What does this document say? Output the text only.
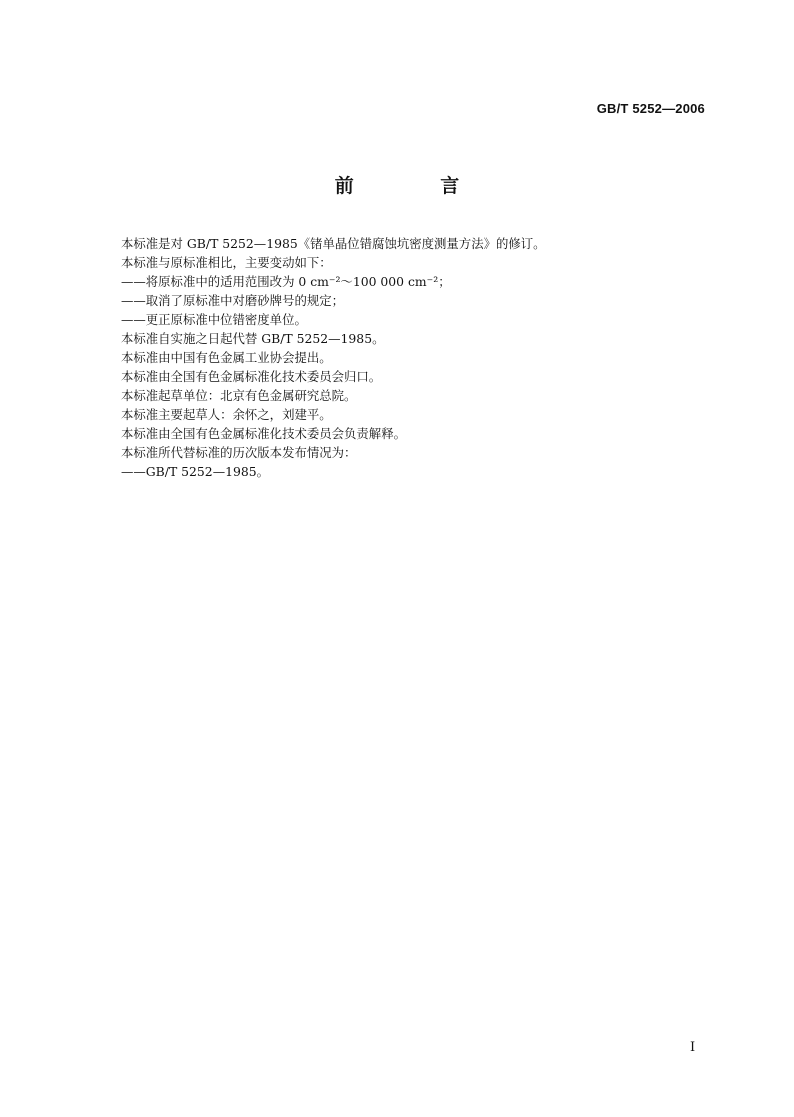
GB/T 5252—2006
前 言
本标准是对 GB/T 5252—1985《锗单晶位错腐蚀坑密度测量方法》的修订。
本标准与原标准相比，主要变动如下：
——将原标准中的适用范围改为 0 cm⁻²～100 000 cm⁻²；
——取消了原标准中对磨砂牌号的规定；
——更正原标准中位错密度单位。
本标准自实施之日起代替 GB/T 5252—1985。
本标准由中国有色金属工业协会提出。
本标准由全国有色金属标准化技术委员会归口。
本标准起草单位：北京有色金属研究总院。
本标准主要起草人：余怀之，刘建平。
本标准由全国有色金属标准化技术委员会负责解释。
本标准所代替标准的历次版本发布情况为：
——GB/T 5252—1985。
I
